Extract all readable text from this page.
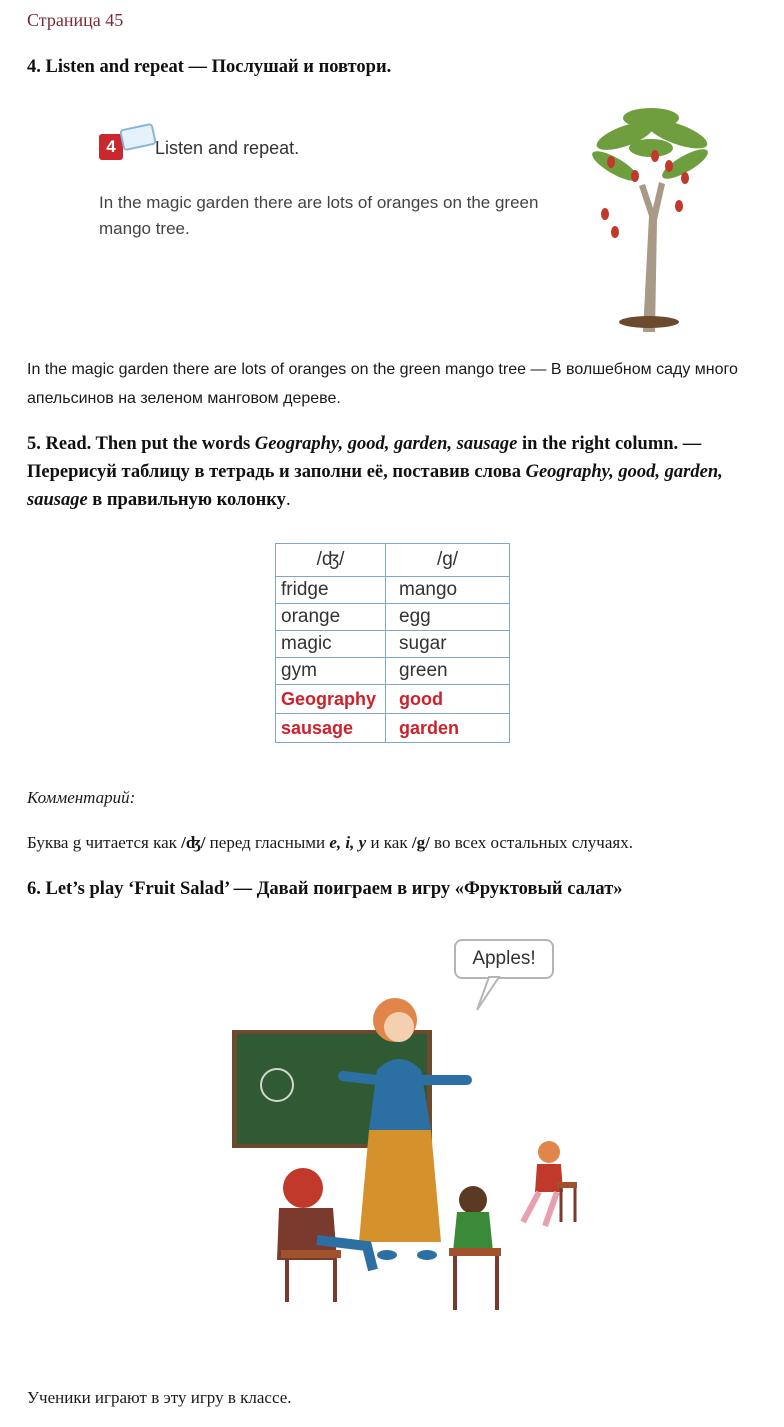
Страница 45
4. Listen and repeat — Послушай и повтори.
4	Listen and repeat.
In the magic garden there are lots of oranges on the green mango tree.
In the magic garden there are lots of oranges on the green mango tree — В волшебном саду много апельсинов на зеленом манговом дереве.
5. Read. Then put the words Geography, good, garden, sausage in the right column. — Перерисуй таблицу в тетрадь и заполни её, поставив слова Geography, good, garden, sausage в правильную колонку.
/ʤ/	/g/
fridge	mango
orange	egg
magic	sugar
gym	green
Geography	good
sausage	garden
Комментарий:
Буква g читается как /ʤ/ перед гласными e, i, y и как /g/ во всех остальных случаях.
6. Let’s play ‘Fruit Salad’ — Давай поиграем в игру «Фруктовый салат»
Apples!
Ученики играют в эту игру в классе.
